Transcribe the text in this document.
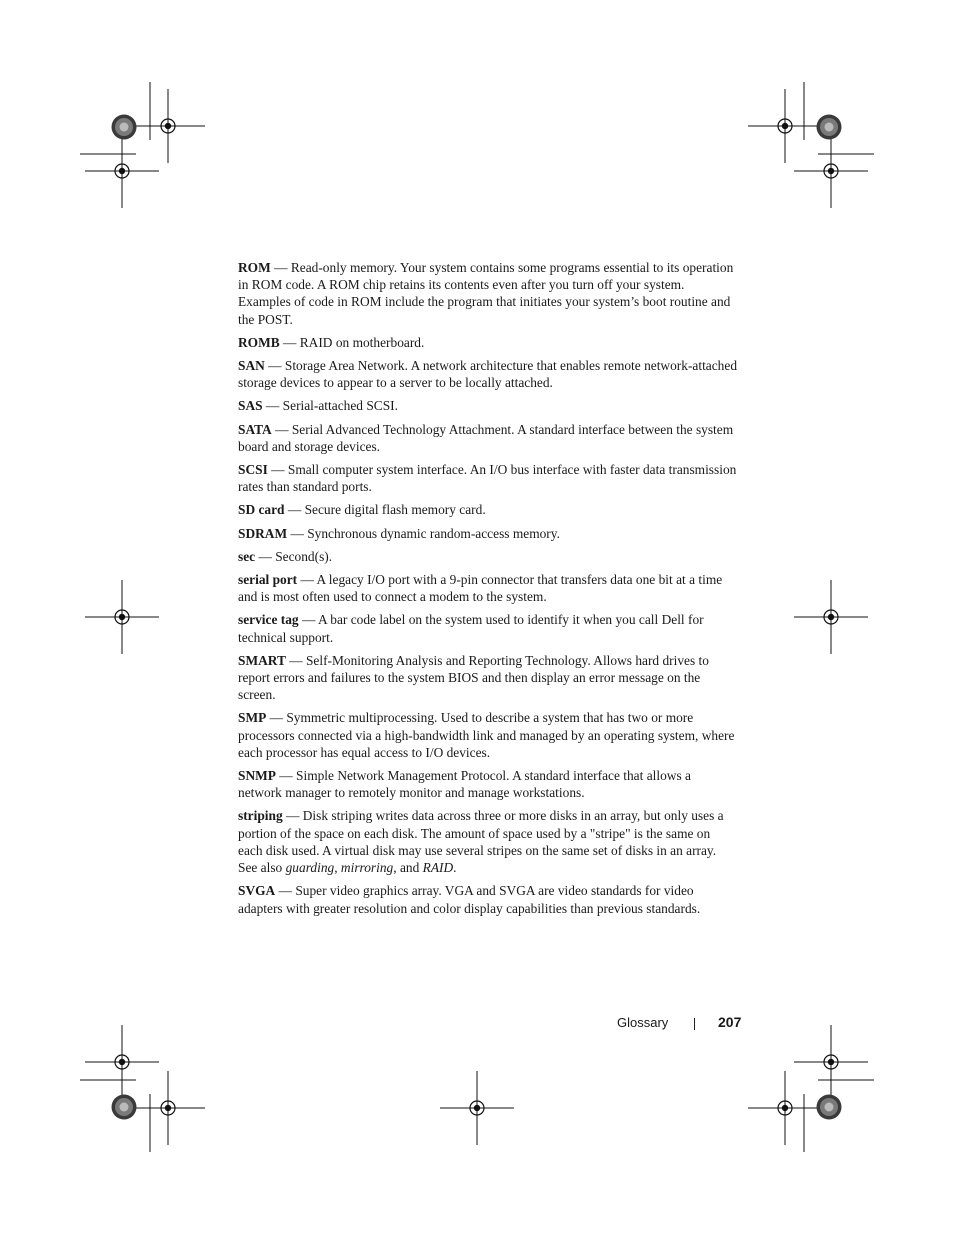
ROM — Read-only memory. Your system contains some programs essential to its operation in ROM code. A ROM chip retains its contents even after you turn off your system. Examples of code in ROM include the program that initiates your system’s boot routine and the POST.

ROMB — RAID on motherboard.

SAN — Storage Area Network. A network architecture that enables remote network-attached storage devices to appear to a server to be locally attached.

SAS — Serial-attached SCSI.

SATA — Serial Advanced Technology Attachment. A standard interface between the system board and storage devices.

SCSI — Small computer system interface. An I/O bus interface with faster data transmission rates than standard ports.

SD card — Secure digital flash memory card.

SDRAM — Synchronous dynamic random-access memory.

sec — Second(s).

serial port — A legacy I/O port with a 9-pin connector that transfers data one bit at a time and is most often used to connect a modem to the system.

service tag — A bar code label on the system used to identify it when you call Dell for technical support.

SMART — Self-Monitoring Analysis and Reporting Technology. Allows hard drives to report errors and failures to the system BIOS and then display an error message on the screen.

SMP — Symmetric multiprocessing. Used to describe a system that has two or more processors connected via a high-bandwidth link and managed by an operating system, where each processor has equal access to I/O devices.

SNMP — Simple Network Management Protocol. A standard interface that allows a network manager to remotely monitor and manage workstations.

striping — Disk striping writes data across three or more disks in an array, but only uses a portion of the space on each disk. The amount of space used by a "stripe" is the same on each disk used. A virtual disk may use several stripes on the same set of disks in an array. See also guarding, mirroring, and RAID.

SVGA — Super video graphics array. VGA and SVGA are video standards for video adapters with greater resolution and color display capabilities than previous standards.

Glossary	207
